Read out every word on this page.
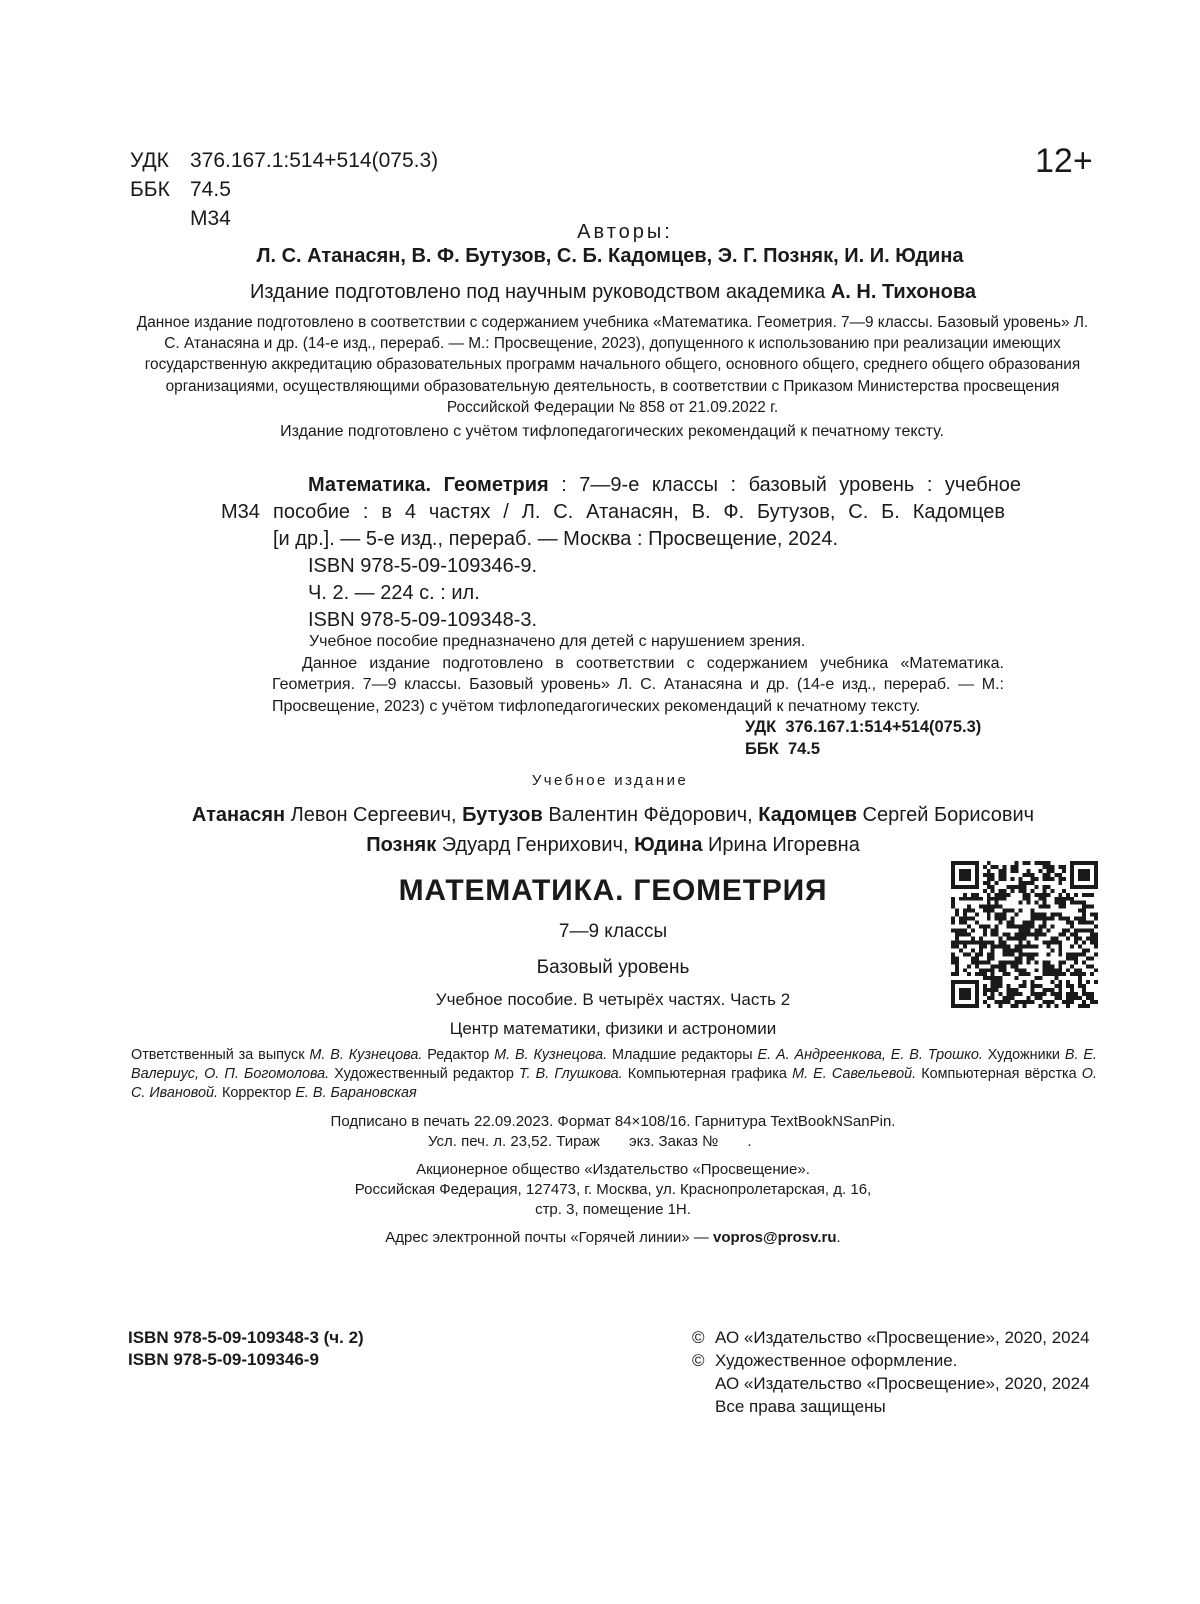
УДК 376.167.1:514+514(075.3)
ББК 74.5
М34
12+
Авторы:
Л. С. Атанасян, В. Ф. Бутузов, С. Б. Кадомцев, Э. Г. Позняк, И. И. Юдина
Издание подготовлено под научным руководством академика А. Н. Тихонова
Данное издание подготовлено в соответствии с содержанием учебника «Математика. Геометрия. 7—9 классы. Базовый уровень» Л. С. Атанасяна и др. (14-е изд., перераб. — М.: Просвещение, 2023), допущенного к использованию при реализации имеющих государственную аккредитацию образовательных программ начального общего, основного общего, среднего общего образования организациями, осуществляющими образовательную деятельность, в соответствии с Приказом Министерства просвещения Российской Федерации № 858 от 21.09.2022 г.
Издание подготовлено с учётом тифлопедагогических рекомендаций к печатному тексту.
Математика. Геометрия : 7—9-е классы : базовый уровень : учебное
М34 пособие : в 4 частях / Л. С. Атанасян, В. Ф. Бутузов, С. Б. Кадомцев
[и др.]. — 5-е изд., перераб. — Москва : Просвещение, 2024.
ISBN 978-5-09-109346-9.
Ч. 2. — 224 с. : ил.
ISBN 978-5-09-109348-3.
Учебное пособие предназначено для детей с нарушением зрения.
Данное издание подготовлено в соответствии с содержанием учебника «Математика. Геометрия. 7—9 классы. Базовый уровень» Л. С. Атанасяна и др. (14-е изд., перераб. — М.: Просвещение, 2023) с учётом тифлопедагогических рекомендаций к печатному тексту.
УДК  376.167.1:514+514(075.3)
ББК  74.5
Учебное издание
Атанасян Левон Сергеевич, Бутузов Валентин Фёдорович, Кадомцев Сергей Борисович
Позняк Эдуард Генрихович, Юдина Ирина Игоревна
МАТЕМАТИКА. ГЕОМЕТРИЯ
7—9 классы
Базовый уровень
Учебное пособие. В четырёх частях. Часть 2
Центр математики, физики и астрономии
Ответственный за выпуск М. В. Кузнецова. Редактор М. В. Кузнецова. Младшие редакторы Е. А. Андреенкова, Е. В. Трошко. Художники В. Е. Валериус, О. П. Богомолова. Художественный редактор Т. В. Глушкова. Компьютерная графика М. Е. Савельевой. Компьютерная вёрстка О. С. Ивановой. Корректор Е. В. Барановская
Подписано в печать 22.09.2023. Формат 84×108/16. Гарнитура TextBookNSanPin.
Усл. печ. л. 23,52. Тираж       экз. Заказ №       .
Акционерное общество «Издательство «Просвещение».
Российская Федерация, 127473, г. Москва, ул. Краснопролетарская, д. 16,
стр. 3, помещение 1Н.
Адрес электронной почты «Горячей линии» — vopros@prosv.ru.
ISBN 978-5-09-109348-3 (ч. 2)
ISBN 978-5-09-109346-9
© АО «Издательство «Просвещение», 2020, 2024
© Художественное оформление.
АО «Издательство «Просвещение», 2020, 2024
Все права защищены
